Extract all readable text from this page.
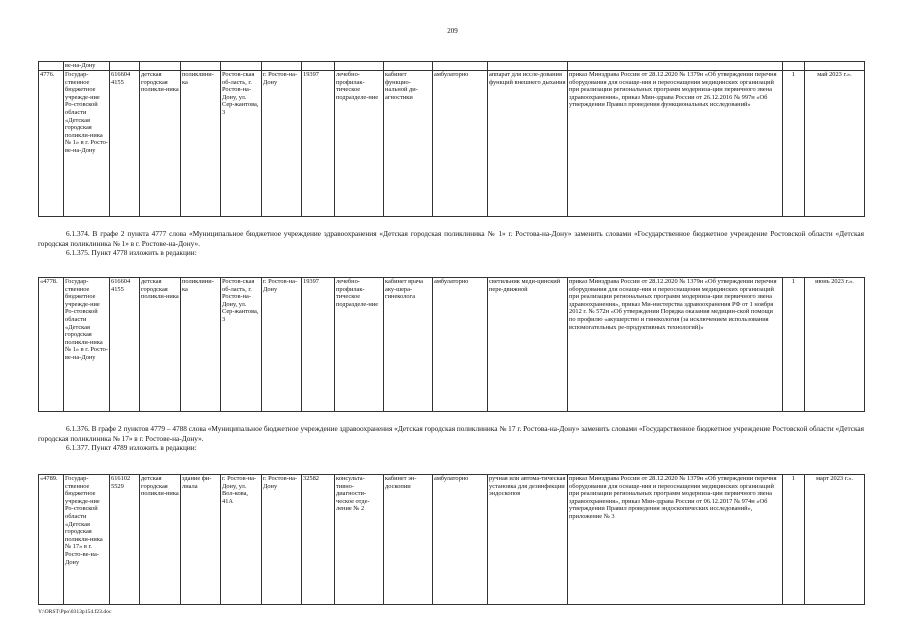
209
	ве-на-Дону													
4776.	Государ-ственное бюджетное учрежде-ние Ро-стовской области «Детская городская поликли-ника № 1» в г. Росто-ве-на-Дону	616604 4155	детская городская поликли-ника	поликлини-ка	Ростов-ская об-ласть, г. Ростов-на-Дону, ул. Сер-жантова, 3	г. Ростов-на-Дону	19397	лечебно-профилак-тическое подразделе-ние	кабинет функцио-нальной ди-агностики	амбулаторно	аппарат для иссле-дования функций внешнего дыхания	приказ Минздрава России от 28.12.2020 № 1379н «Об утверждении перечня оборудования для оснаще-ния и переоснащения медицинских организаций при реализации региональных программ модерниза-ции первичного звена здравоохранения», приказ Мин-здрава России от 26.12.2016 № 997н «Об утверждении Правил проведения функциональных исследований»	1	май 2023 г.».
6.1.374. В графе 2 пункта 4777 слова «Муниципальное бюджетное учреждение здравоохранения «Детская городская поликлиника № 1» г. Ростова-на-Дону» заменить словами «Государственное бюджетное учреждение Ростовской области «Детская городская поликлиника № 1» в г. Ростове-на-Дону».
6.1.375. Пункт 4778 изложить в редакции:
«4778.	Государ-ственное бюджетное учрежде-ние Ро-стовской области «Детская городская поликли-ника № 1» в г. Росто-ве-на-Дону	616604 4155	детская городская поликли-ника	поликлини-ка	Ростов-ская об-ласть, г. Ростов-на-Дону, ул. Сер-жантова, 3	г. Ростов-на-Дону	19397	лечебно-профилак-тическое подразделе-ние	кабинет врача аку-шера-гинеколога	амбулаторно	светильник меди-цинский пере-движной	приказ Минздрава России от 28.12.2020 № 1379н «Об утверждении перечня оборудования для оснаще-ния и переоснащения медицинских организаций при реализации региональных программ модерниза-ции первичного звена здравоохранения», приказ Ми-нистерства здравоохранения РФ от 1 ноября 2012 г. № 572н «Об утверждении Порядка оказания медицин-ской помощи по профилю «акушерство и гинекология (за исключением использования вспомогательных ре-продуктивных технологий)»	1	июнь 2023 г.».
6.1.376. В графе 2 пунктов 4779 – 4788 слова «Муниципальное бюджетное учреждение здравоохранения «Детская городская поликлиника № 17 г. Ростова-на-Дону» заменить словами «Государственное бюджетное учреждение Ростовской области «Детская городская поликлиника № 17» в г. Ростове-на-Дону».
6.1.377. Пункт 4789 изложить в редакции:
«4789.	Государ-ственное бюджетное учрежде-ние Ро-стовской области «Детская городская поликли-ника № 17» в г. Росто-ве-на-Дону	616102 5529	детская городская поликли-ника	здание фи-лиала	г. Ростов-на-Дону, ул. Вол-кова, 41А	г. Ростов-на-Дону	32582	консульта-тивно-диагности-ческое отде-ление № 2	кабинет эн-доскопии	амбулаторно	ручная или автома-тическая установка для дезинфекции эндоскопов	приказ Минздрава России от 28.12.2020 № 1379н «Об утверждении перечня оборудования для оснаще-ния и переоснащения медицинских организаций при реализации региональных программ модерниза-ции первичного звена здравоохранения», приказ Мин-здрава России от 06.12.2017 № 974н «Об утверждении Правил проведения эндоскопических исследований», приложение № 3	1	март 2023 г.».
Y:\ORST\Ppo\0313p154.f23.doc
